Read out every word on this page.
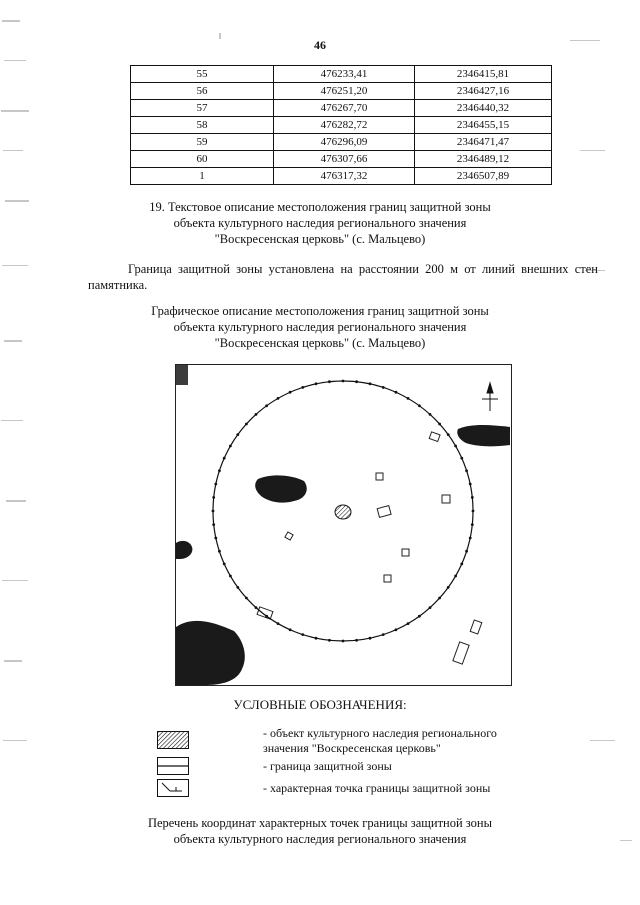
46
55	476233,41	2346415,81
56	476251,20	2346427,16
57	476267,70	2346440,32
58	476282,72	2346455,15
59	476296,09	2346471,47
60	476307,66	2346489,12
1	476317,32	2346507,89
19. Текстовое описание местоположения границ защитной зоны
объекта культурного наследия регионального значения
"Воскресенская церковь" (с. Мальцево)
Граница защитной зоны установлена на расстоянии 200 м от линий внешних стен памятника.
Графическое описание местоположения границ защитной зоны
объекта культурного наследия регионального значения
"Воскресенская церковь" (с. Мальцево)
УСЛОВНЫЕ ОБОЗНАЧЕНИЯ:
- объект культурного наследия регионального
значения "Воскресенская церковь"
- граница защитной зоны
- характерная точка границы защитной зоны
Перечень координат характерных точек границы защитной зоны
объекта культурного наследия регионального значения
